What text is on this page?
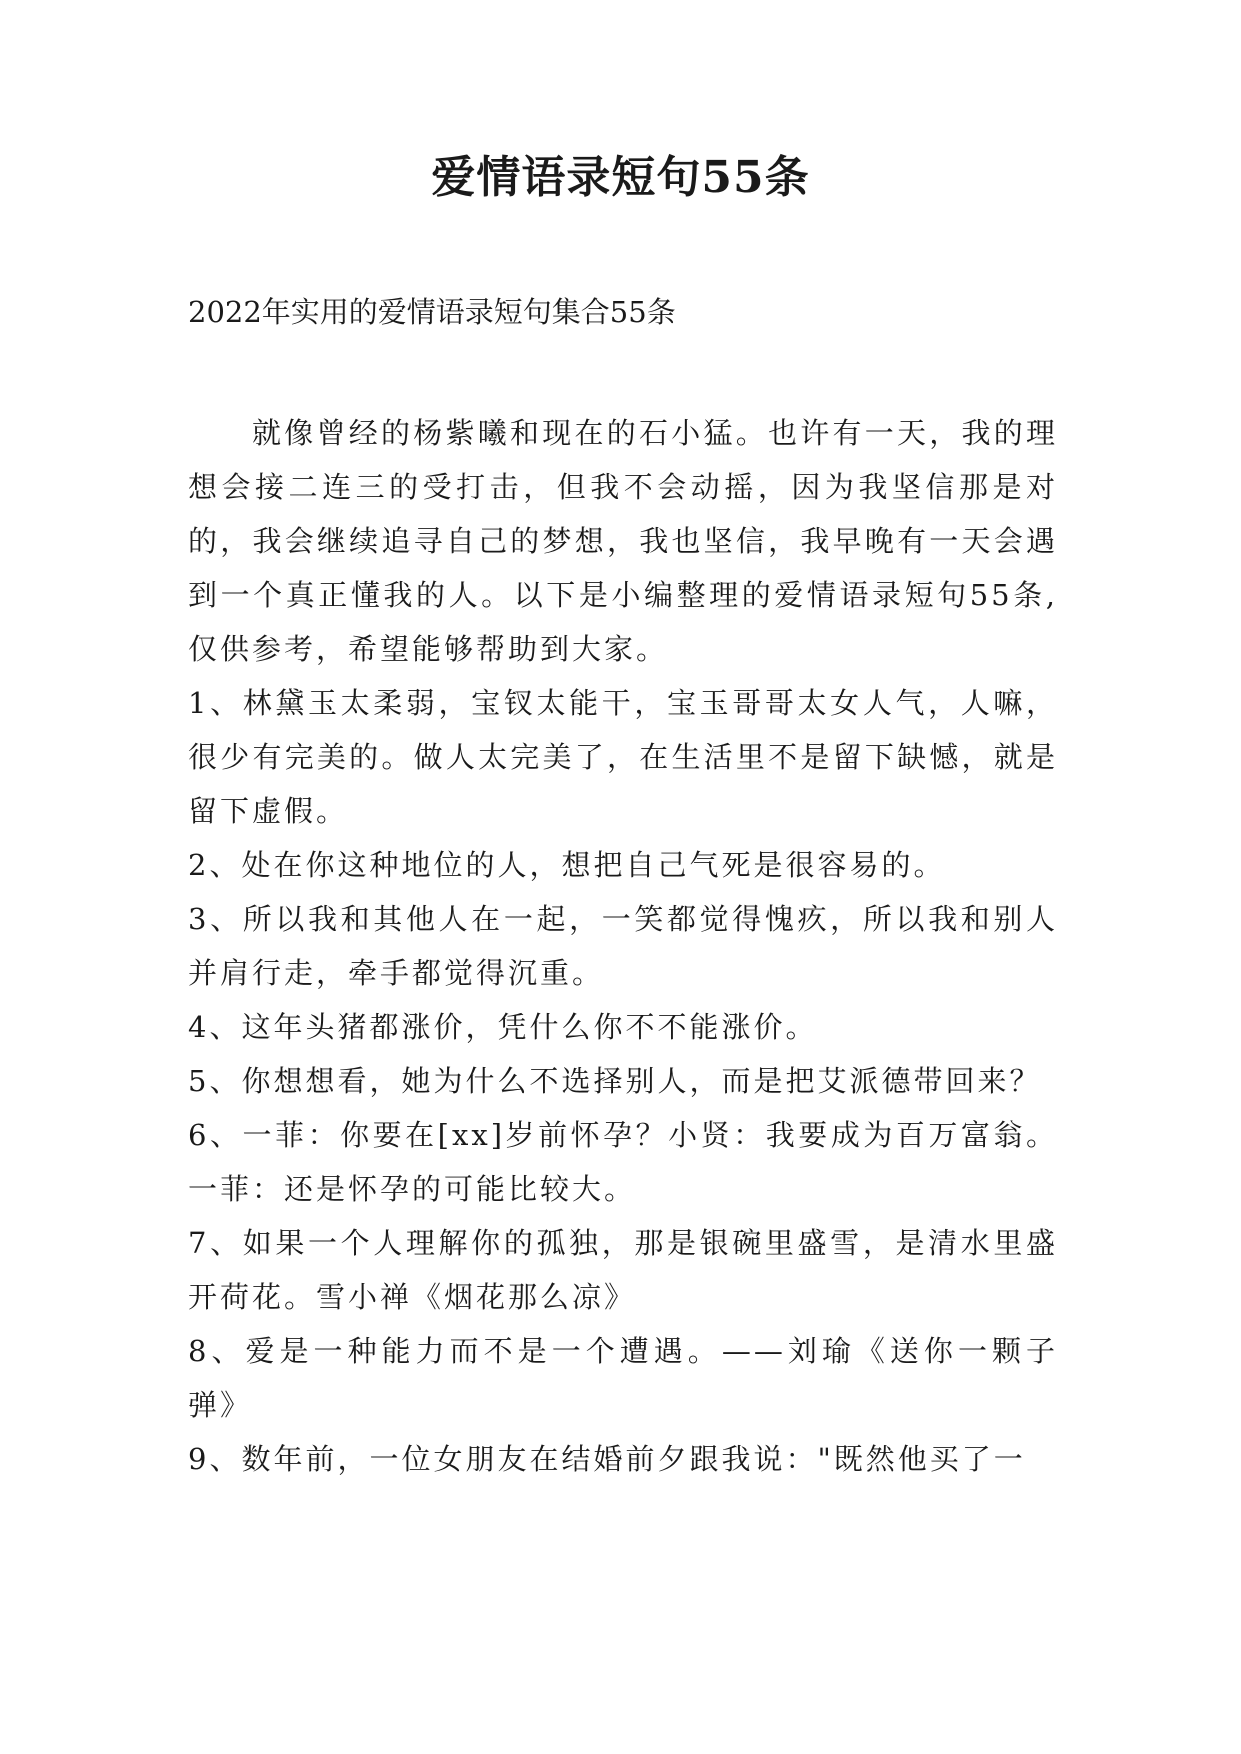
爱情语录短句55条

2022年实用的爱情语录短句集合55条

就像曾经的杨紫曦和现在的石小猛。也许有一天，我的理想会接二连三的受打击，但我不会动摇，因为我坚信那是对的，我会继续追寻自己的梦想，我也坚信，我早晚有一天会遇到一个真正懂我的人。以下是小编整理的爱情语录短句55条,仅供参考，希望能够帮助到大家。

1、林黛玉太柔弱，宝钗太能干，宝玉哥哥太女人气，人嘛，很少有完美的。做人太完美了，在生活里不是留下缺憾，就是留下虚假。

2、处在你这种地位的人，想把自己气死是很容易的。

3、所以我和其他人在一起，一笑都觉得愧疚，所以我和别人并肩行走，牵手都觉得沉重。

4、这年头猪都涨价，凭什么你不不能涨价。

5、你想想看，她为什么不选择别人，而是把艾派德带回来？

6、一菲：你要在[xx]岁前怀孕？小贤：我要成为百万富翁。一菲：还是怀孕的可能比较大。

7、如果一个人理解你的孤独，那是银碗里盛雪，是清水里盛开荷花。雪小禅《烟花那么凉》

8、爱是一种能力而不是一个遭遇。——刘瑜《送你一颗子弹》

9、数年前，一位女朋友在结婚前夕跟我说："既然他买了一
